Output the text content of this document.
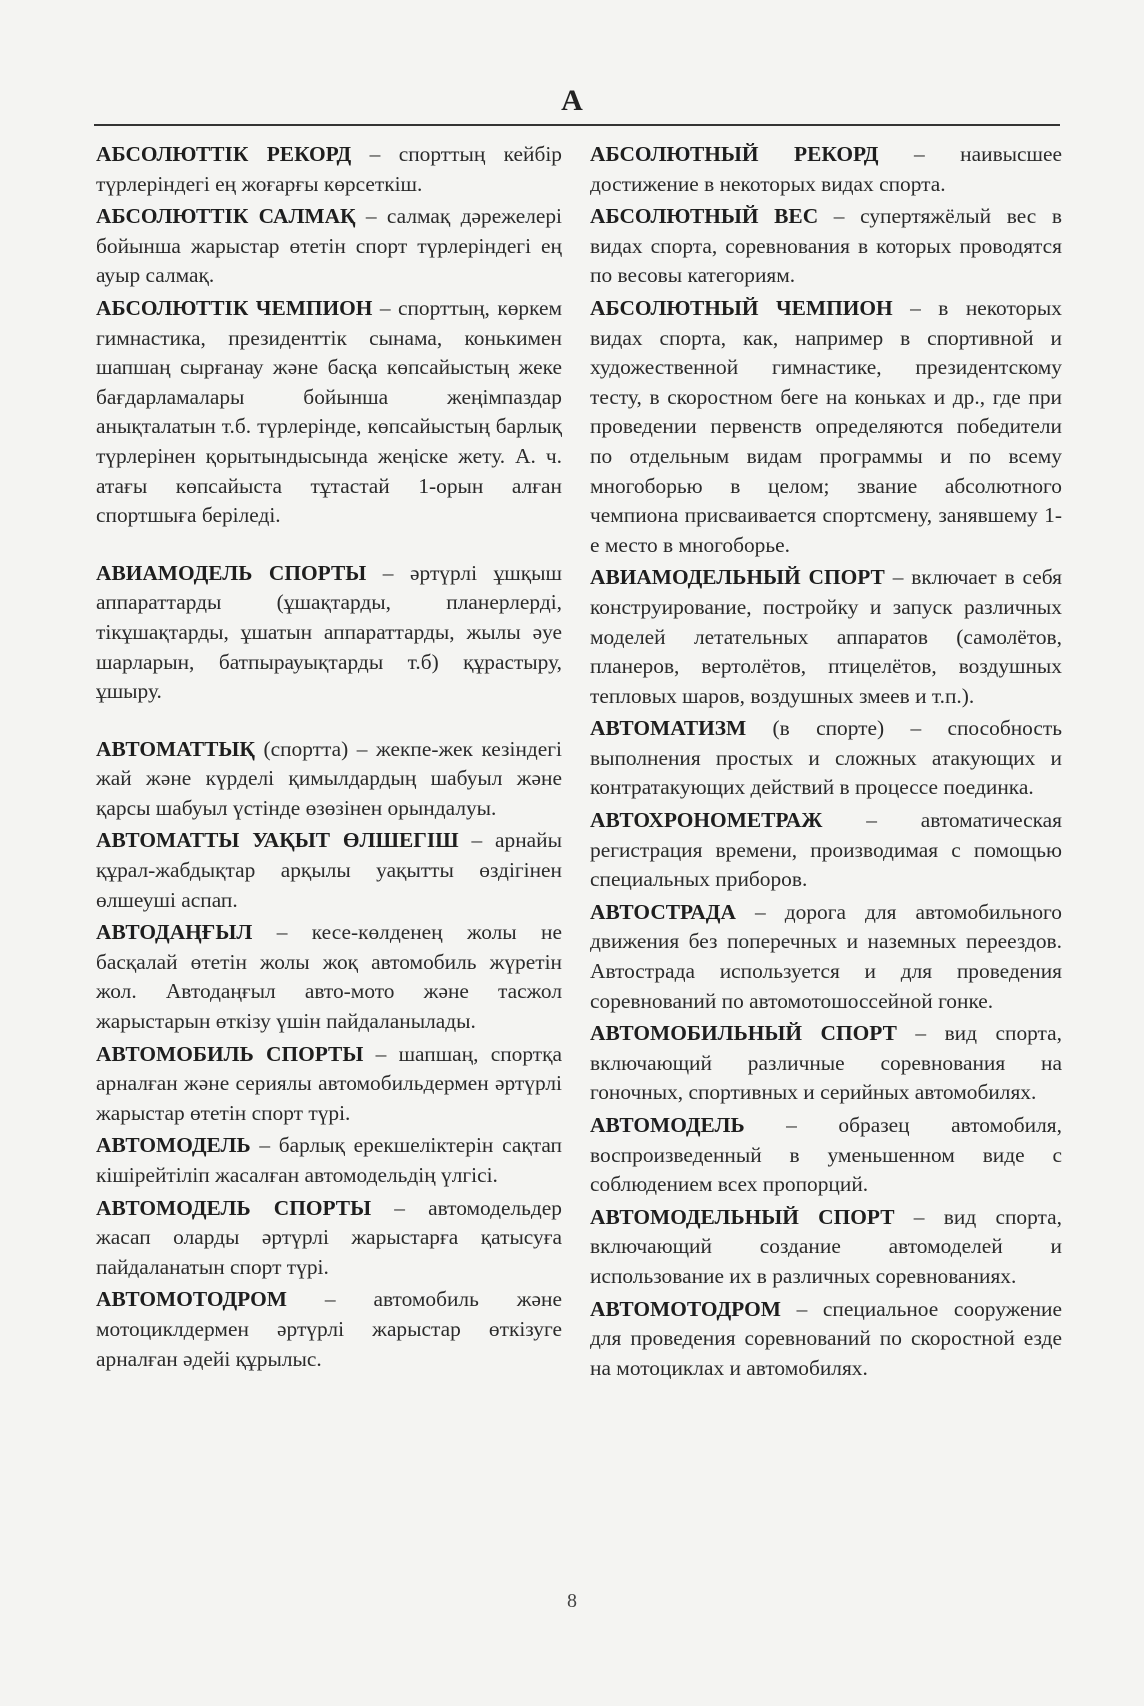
А

АБСОЛЮТТІК РЕКОРД – спорттың кейбір түрлеріндегі ең жоғарғы көрсеткіш.

АБСОЛЮТТІК САЛМАҚ – салмақ дәрежелері бойынша жарыстар өтетін спорт түрлеріндегі ең ауыр салмақ.

АБСОЛЮТТІК ЧЕМПИОН – спорттың, көркем гимнастика, президенттік сынама, конькимен шапшаң сырғанау және басқа көпсайыстың жеке бағдарламалары бойынша жеңімпаздар анықталатын т.б. түрлерінде, көпсайыстың барлық түрлерінен қорытындысында жеңіске жету. А. ч. атағы көпсайыста тұтастай 1-орын алған спортшыға беріледі.

АВИАМОДЕЛЬ СПОРТЫ – әртүрлі ұшқыш аппараттарды (ұшақтарды, планерлерді, тікұшақтарды, ұшатын аппараттарды, жылы әуе шарларын, батпырауықтарды т.б) құрастыру, ұшыру.

АВТОМАТТЫҚ (спортта) – жекпе-жек кезіндегі жай және күрделі қимылдардың шабуыл және қарсы шабуыл үстінде өзөзінен орындалуы.

АВТОМАТТЫ УАҚЫТ ӨЛШЕГІШ – арнайы құрал-жабдықтар арқылы уақытты өздігінен өлшеуші аспап.

АВТОДАҢҒЫЛ – кесе-көлденең жолы не басқалай өтетін жолы жоқ автомобиль жүретін жол. Автодаңғыл авто-мото және тасжол жарыстарын өткізу үшін пайдаланылады.

АВТОМОБИЛЬ СПОРТЫ – шапшаң, спортқа арналған және сериялы автомобильдермен әртүрлі жарыстар өтетін спорт түрі.

АВТОМОДЕЛЬ – барлық ерекшеліктерін сақтап кішірейтіліп жасалған автомодельдің үлгісі.

АВТОМОДЕЛЬ СПОРТЫ – автомодельдер жасап оларды әртүрлі жарыстарға қатысуға пайдаланатын спорт түрі.

АВТОМОТОДРОМ – автомобиль және мотоциклдермен әртүрлі жарыстар өткізуге арналған әдейі құрылыс.

АБСОЛЮТНЫЙ РЕКОРД – наивысшее достижение в некоторых видах спорта.

АБСОЛЮТНЫЙ ВЕС – супертяжёлый вес в видах спорта, соревнования в которых проводятся по весовы категориям.

АБСОЛЮТНЫЙ ЧЕМПИОН – в некоторых видах спорта, как, например в спортивной и художественной гимнастике, президентскому тесту, в скоростном беге на коньках и др., где при проведении первенств определяются победители по отдельным видам программы и по всему многоборью в целом; звание абсолютного чемпиона присваивается спортсмену, занявшему 1-е место в многоборье.

АВИАМОДЕЛЬНЫЙ СПОРТ – включает в себя конструирование, постройку и запуск различных моделей летательных аппаратов (самолётов, планеров, вертолётов, птицелётов, воздушных тепловых шаров, воздушных змеев и т.п.).

АВТОМАТИЗМ (в спорте) – способность выполнения простых и сложных атакующих и контратакующих действий в процессе поединка.

АВТОХРОНОМЕТРАЖ – автоматическая регистрация времени, производимая с помощью специальных приборов.

АВТОСТРАДА – дорога для автомобильного движения без поперечных и наземных переездов. Автострада используется и для проведения соревнований по автомотошоссейной гонке.

АВТОМОБИЛЬНЫЙ СПОРТ – вид спорта, включающий различные соревнования на гоночных, спортивных и серийных автомобилях.

АВТОМОДЕЛЬ – образец автомобиля, воспроизведенный в уменьшенном виде с соблюдением всех пропорций.

АВТОМОДЕЛЬНЫЙ СПОРТ – вид спорта, включающий создание автомоделей и использование их в различных соревнованиях.

АВТОМОТОДРОМ – специальное сооружение для проведения соревнований по скоростной езде на мотоциклах и автомобилях.

8
